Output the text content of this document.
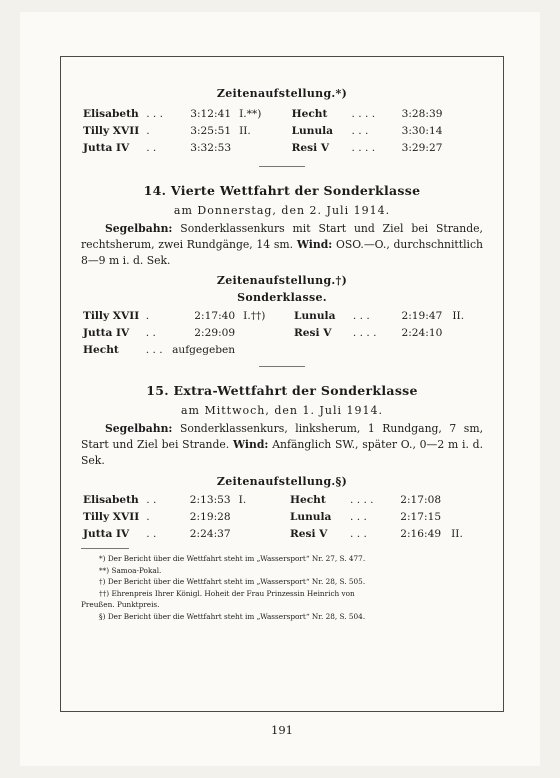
Zeitenaufstellung.*)
Elisabeth	. . .	3:12:41	I.**)	Hecht	. . . .	3:28:39	
Tilly XVII	.	3:25:51	II.	Lunula	. . .	3:30:14	
Jutta IV	. .	3:32:53		Resi V	. . . .	3:29:27	
14. Vierte Wettfahrt der Sonderklasse
am Donnerstag, den 2. Juli 1914.
Segelbahn: Sonderklassenkurs mit Start und Ziel bei Strande, rechtsherum, zwei Rundgänge, 14 sm. Wind: OSO.—O., durchschnittlich 8—9 m i. d. Sek.
Zeitenaufstellung.†)
Sonderklasse.
Tilly XVII	.	2:17:40	I.††)	Lunula	. . .	2:19:47	II.
Jutta IV	. .	2:29:09		Resi V	. . . .	2:24:10	
Hecht	. . .	aufgegeben					
15. Extra-Wettfahrt der Sonderklasse
am Mittwoch, den 1. Juli 1914.
Segelbahn: Sonderklassenkurs, linksherum, 1 Rundgang, 7 sm, Start und Ziel bei Strande. Wind: Anfänglich SW., später O., 0—2 m i. d. Sek.
Zeitenaufstellung.§)
Elisabeth	. .	2:13:53	I.	Hecht	. . . .	2:17:08	
Tilly XVII	.	2:19:28		Lunula	. . .	2:17:15	
Jutta IV	. .	2:24:37		Resi V	. . .	2:16:49	II.
*) Der Bericht über die Wettfahrt steht im „Wassersport“ Nr. 27, S. 477.
**) Samoa-Pokal.
†) Der Bericht über die Wettfahrt steht im „Wassersport“ Nr. 28, S. 505.
††) Ehrenpreis Ihrer Königl. Hoheit der Frau Prinzessin Heinrich von
Preußen. Punktpreis.
§) Der Bericht über die Wettfahrt steht im „Wassersport“ Nr. 28, S. 504.
191
